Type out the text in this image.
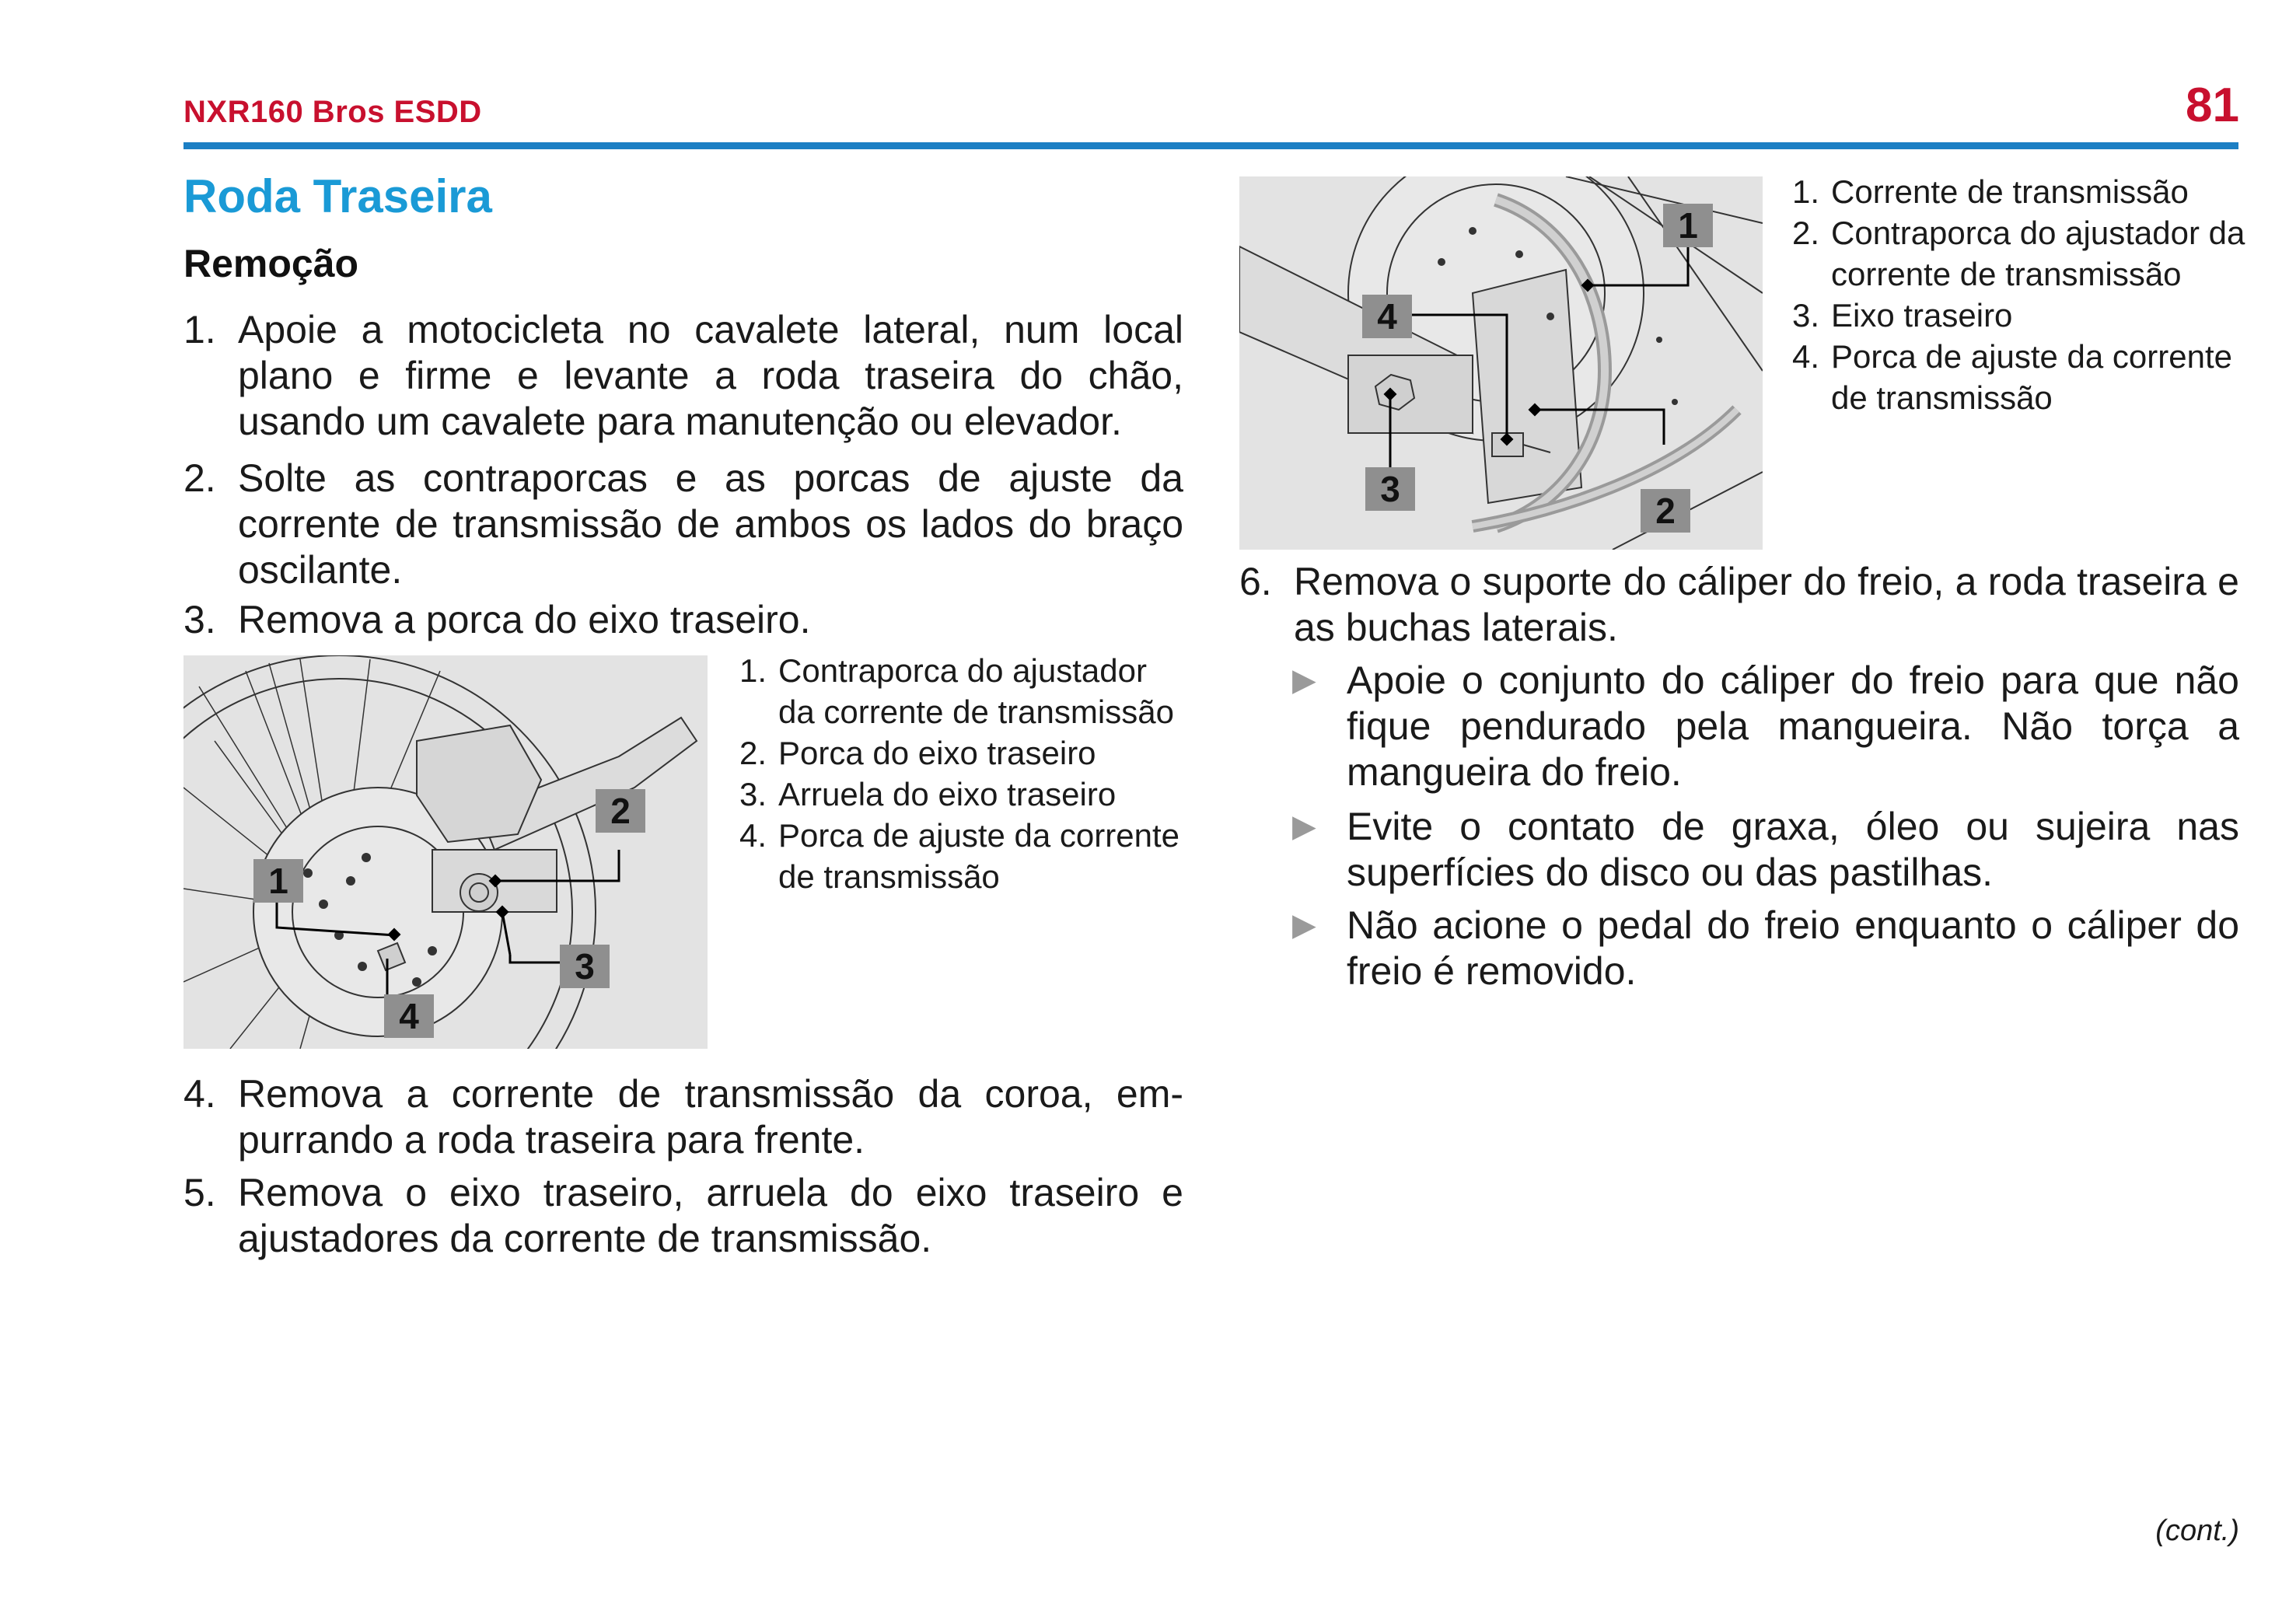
NXR160 Bros ESDD	81
Roda Traseira
Remoção
1. Apoie a motocicleta no cavalete lateral, num local plano e firme e levante a roda traseira do chão, usando um cavalete para manutenção ou elevador.
2. Solte as contraporcas e as porcas de ajuste da corrente de transmissão de ambos os lados do braço oscilante.
3. Remova a porca do eixo traseiro.
1
2
3
4
1. Contraporca do ajustador da corrente de transmissão
2. Porca do eixo traseiro
3. Arruela do eixo traseiro
4. Porca de ajuste da corrente de transmissão
4. Remova a corrente de transmissão da coroa, em-purrando a roda traseira para frente.
5. Remova o eixo traseiro, arruela do eixo traseiro e ajustadores da corrente de transmissão.
1
2
3
4
1. Corrente de transmissão
2. Contraporca do ajustador da corrente de transmissão
3. Eixo traseiro
4. Porca de ajuste da corrente de transmissão
6. Remova o suporte do cáliper do freio, a roda traseira e as buchas laterais.
▶ Apoie o conjunto do cáliper do freio para que não fique pendurado pela mangueira. Não torça a mangueira do freio.
▶ Evite o contato de graxa, óleo ou sujeira nas superfícies do disco ou das pastilhas.
▶ Não acione o pedal do freio enquanto o cáliper do freio é removido.
(cont.)
